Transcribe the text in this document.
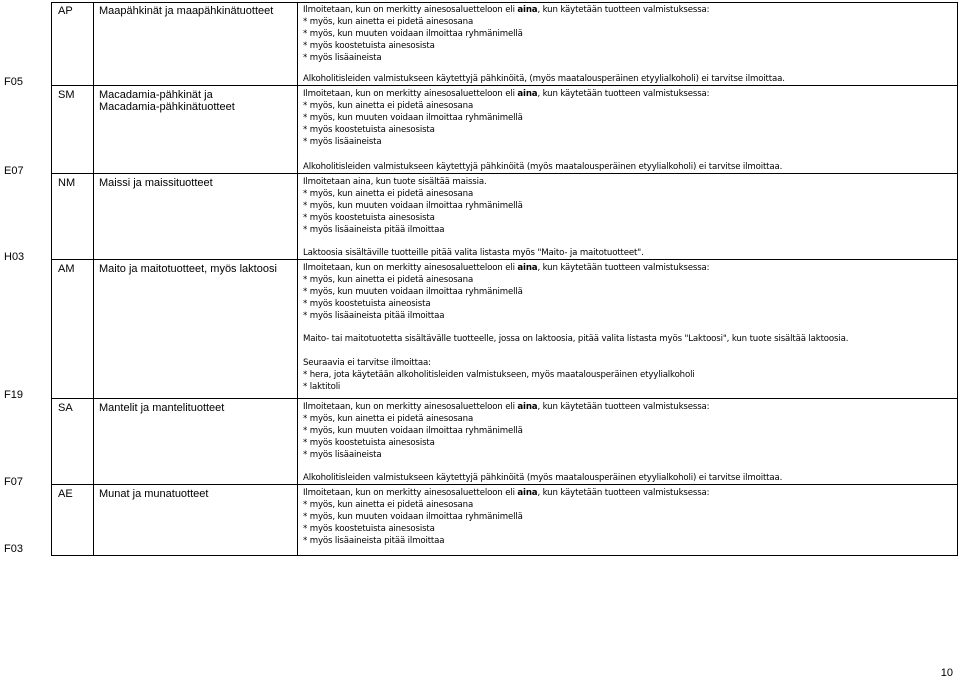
F05
E07
H03
F19
F07
F03
AP Maapähkinät ja maapähkinätuotteet	Ilmoitetaan, kun on merkitty ainesosaluetteloon eli aina, kun käytetään tuotteen valmistuksessa:
* myös, kun ainetta ei pidetä ainesosana
* myös, kun muuten voidaan ilmoittaa ryhmänimellä
* myös koostetuista ainesosista
* myös lisäaineista
Alkoholitisleiden valmistukseen käytettyjä pähkinöitä, (myös maatalousperäinen etyylialkoholi) ei tarvitse ilmoittaa.
SM Macadamia-pähkinät ja Macadamia-pähkinätuotteet
Ilmoitetaan, kun on merkitty ainesosaluetteloon eli aina, kun käytetään tuotteen valmistuksessa:
* myös, kun ainetta ei pidetä ainesosana
* myös, kun muuten voidaan ilmoittaa ryhmänimellä
* myös koostetuista ainesosista
* myös lisäaineista
Alkoholitisleiden valmistukseen käytettyjä pähkinöitä (myös maatalousperäinen etyylialkoholi) ei tarvitse ilmoittaa.
NM Maissi ja maissituotteet	Ilmoitetaan aina, kun tuote sisältää maissia.
* myös, kun ainetta ei pidetä ainesosana
* myös, kun muuten voidaan ilmoittaa ryhmänimellä
* myös koostetuista ainesosista
* myös lisäaineista pitää ilmoittaa
Laktoosia sisältäville tuotteille pitää valita listasta myös "Maito- ja maitotuotteet".
AM Maito ja maitotuotteet, myös laktoosi	Ilmoitetaan, kun on merkitty ainesosaluetteloon eli aina, kun käytetään tuotteen valmistuksessa:
* myös, kun ainetta ei pidetä ainesosana
* myös, kun muuten voidaan ilmoittaa ryhmänimellä
* myös koostetuista aineosista
* myös lisäaineista pitää ilmoittaa
Maito- tai maitotuotetta sisältävälle tuotteelle, jossa on laktoosia, pitää valita listasta myös "Laktoosi", kun tuote sisältää laktoosia.
Seuraavia ei tarvitse ilmoittaa:
* hera, jota käytetään alkoholitisleiden valmistukseen, myös maatalousperäinen etyylialkoholi
* laktitoli
SA Mantelit ja mantelituotteet	Ilmoitetaan, kun on merkitty ainesosaluetteloon eli aina, kun käytetään tuotteen valmistuksessa:
* myös, kun ainetta ei pidetä ainesosana
* myös, kun muuten voidaan ilmoittaa ryhmänimellä
* myös koostetuista ainesosista
* myös lisäaineista
Alkoholitisleiden valmistukseen käytettyjä pähkinöitä (myös maatalousperäinen etyylialkoholi) ei tarvitse ilmoittaa.
AE Munat ja munatuotteet	Ilmoitetaan, kun on merkitty ainesosaluetteloon eli aina, kun käytetään tuotteen valmistuksessa:
* myös, kun ainetta ei pidetä ainesosana
* myös, kun muuten voidaan ilmoittaa ryhmänimellä
* myös koostetuista ainesosista
* myös lisäaineista pitää ilmoittaa
10
